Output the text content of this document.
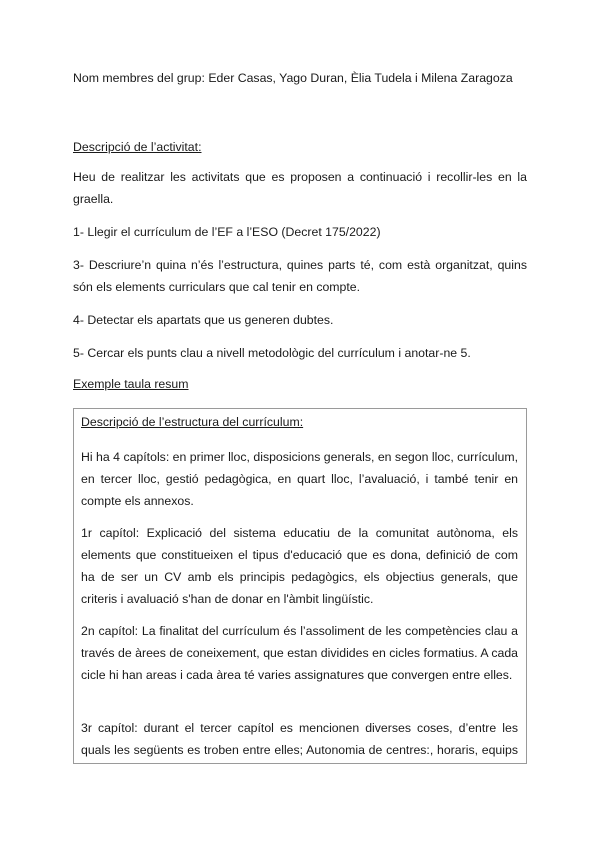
Nom membres del grup: Eder Casas, Yago Duran, Èlia Tudela i Milena Zaragoza
Descripció de l’activitat:
Heu de realitzar les activitats que es proposen a continuació i recollir-les en la graella.
1- Llegir el currículum de l’EF a l’ESO (Decret 175/2022)
3- Descriure’n quina n’és l’estructura, quines parts té, com està organitzat, quins són els elements curriculars que cal tenir en compte.
4- Detectar els apartats que us generen dubtes.
5- Cercar els punts clau a nivell metodològic del currículum i anotar-ne 5.
Exemple taula resum
Descripció de l’estructura del currículum:
Hi ha 4 capítols: en primer lloc, disposicions generals, en segon lloc, currículum, en tercer lloc, gestió pedagògica, en quart lloc, l’avaluació, i també tenir en compte els annexos.
1r capítol: Explicació del sistema educatiu de la comunitat autònoma, els elements que constitueixen el tipus d'educació que es dona, definició de com ha de ser un CV amb els principis pedagògics, els objectius generals, que criteris i avaluació s'han de donar en l'àmbit lingüístic.
2n capítol: La finalitat del currículum és l’assoliment de les competències clau a través de àrees de coneixement, que estan dividides en cicles formatius. A cada cicle hi han areas i cada àrea té varies assignatures que convergen entre elles.
3r capítol: durant el tercer capítol es mencionen diverses coses, d’entre les quals les següents es troben entre elles; Autonomia de centres:, horaris, equips
